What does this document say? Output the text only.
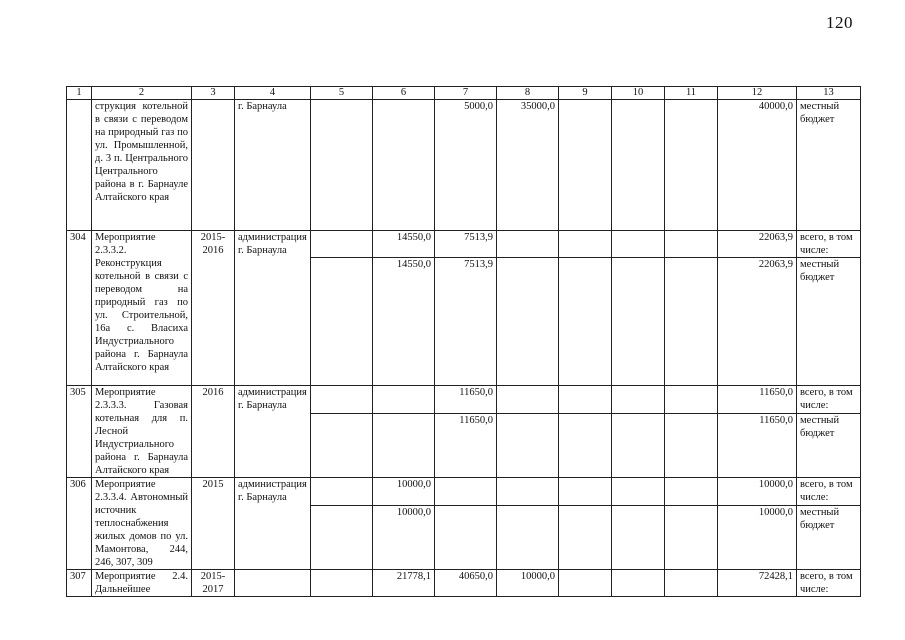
120
1	2	3	4	5	6	7	8	9	10	11	12	13
	струкция котельной в связи с переводом на природный газ по ул. Промышленной, д. 3 п. Центрального Центрального района в г. Барнауле Алтайского края		г. Барнаула			5000,0	35000,0				40000,0	местный бюджет
304	Мероприятие 2.3.3.2. Реконструкция котельной в связи с переводом на природный газ по ул. Строительной, 16а с. Власиха Индустриального района г. Барнаула Алтайского края	2015-2016	администрация г. Барнаула		14550,0	7513,9					22063,9	всего, в том числе:
					14550,0	7513,9					22063,9	местный бюджет
305	Мероприятие 2.3.3.3. Газовая котельная для п. Лесной Индустриального района г. Барнаула Алтайского края	2016	администрация г. Барнаула			11650,0					11650,0	всего, в том числе:
						11650,0					11650,0	местный бюджет
306	Мероприятие 2.3.3.4. Автономный источник теплоснабжения жилых домов по ул. Мамонтова, 244, 246, 307, 309	2015	администрация г. Барнаула		10000,0						10000,0	всего, в том числе:
					10000,0						10000,0	местный бюджет
307	Мероприятие 2.4. Дальнейшее	2015-2017			21778,1	40650,0	10000,0				72428,1	всего, в том числе:
